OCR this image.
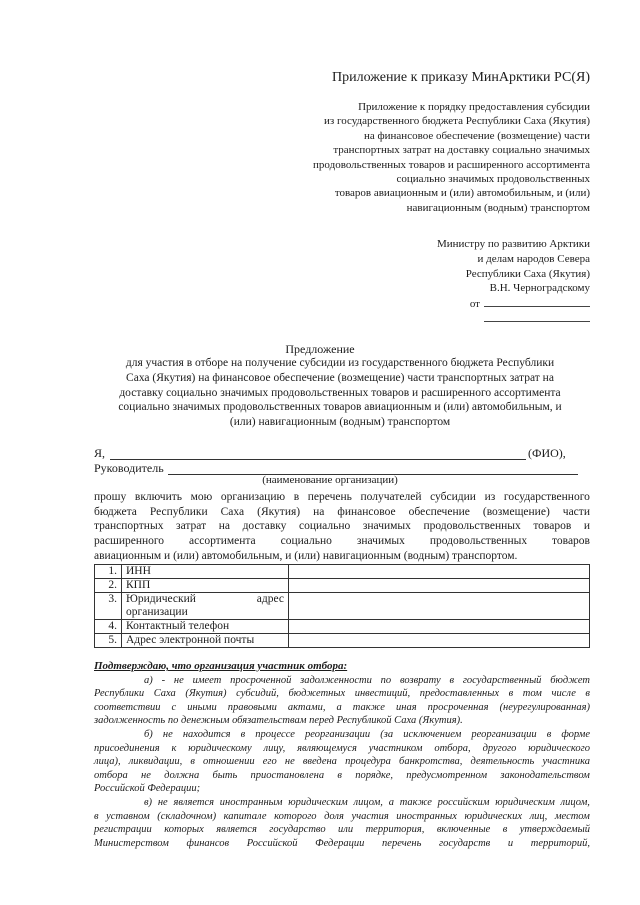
Приложение к приказу МинАрктики РС(Я)
Приложение к порядку предоставления субсидии
из государственного бюджета Республики Саха (Якутия)
на финансовое обеспечение (возмещение) части
транспортных затрат на доставку социально значимых
продовольственных товаров и расширенного ассортимента
социально значимых продовольственных
товаров авиационным и (или) автомобильным, и (или)
навигационным (водным) транспортом
Министру по развитию Арктики
и делам народов Севера
Республики Саха (Якутия)
В.Н. Черноградскому
от
Предложение
для участия в отборе на получение субсидии из государственного бюджета Республики
Саха (Якутия) на финансовое обеспечение (возмещение) части транспортных затрат на
доставку социально значимых продовольственных товаров и расширенного ассортимента
социально значимых продовольственных товаров авиационным и (или) автомобильным, и
(или) навигационным (водным) транспортом
Я,	(ФИО),
Руководитель
(наименование организации)
прошу включить мою организацию в перечень получателей субсидии из государственного
бюджета Республики Саха (Якутия) на финансовое обеспечение (возмещение) части
транспортных затрат на доставку социально значимых продовольственных товаров и
расширенного ассортимента социально значимых продовольственных товаров
авиационным и (или) автомобильным, и (или) навигационным (водным) транспортом.
1.	ИНН	
2.	КПП	
3.	Юридический адрес
организации	

4.	Контактный телефон	
5.	Адрес электронной почты	
Подтверждаю, что организация участник отбора:
а) - не имеет просроченной задолженности по возврату в государственный бюджет
Республики Саха (Якутия) субсидий, бюджетных инвестиций, предоставленных в том числе в
соответствии с иными правовыми актами, а также иная просроченная (неурегулированная)
задолженность по денежным обязательствам перед Республикой Саха (Якутия).
б) не находится в процессе реорганизации (за исключением реорганизации в форме
присоединения к юридическому лицу, являющемуся участником отбора, другого юридического
лица), ликвидации, в отношении его не введена процедура банкротства, деятельность участника
отбора не должна быть приостановлена в порядке, предусмотренном законодательством
Российской Федерации;
в) не является иностранным юридическим лицом, а также российским юридическим лицом,
в уставном (складочном) капитале которого доля участия иностранных юридических лиц, местом
регистрации которых является государство или территория, включенные в утверждаемый
Министерством финансов Российской Федерации перечень государств и территорий,
